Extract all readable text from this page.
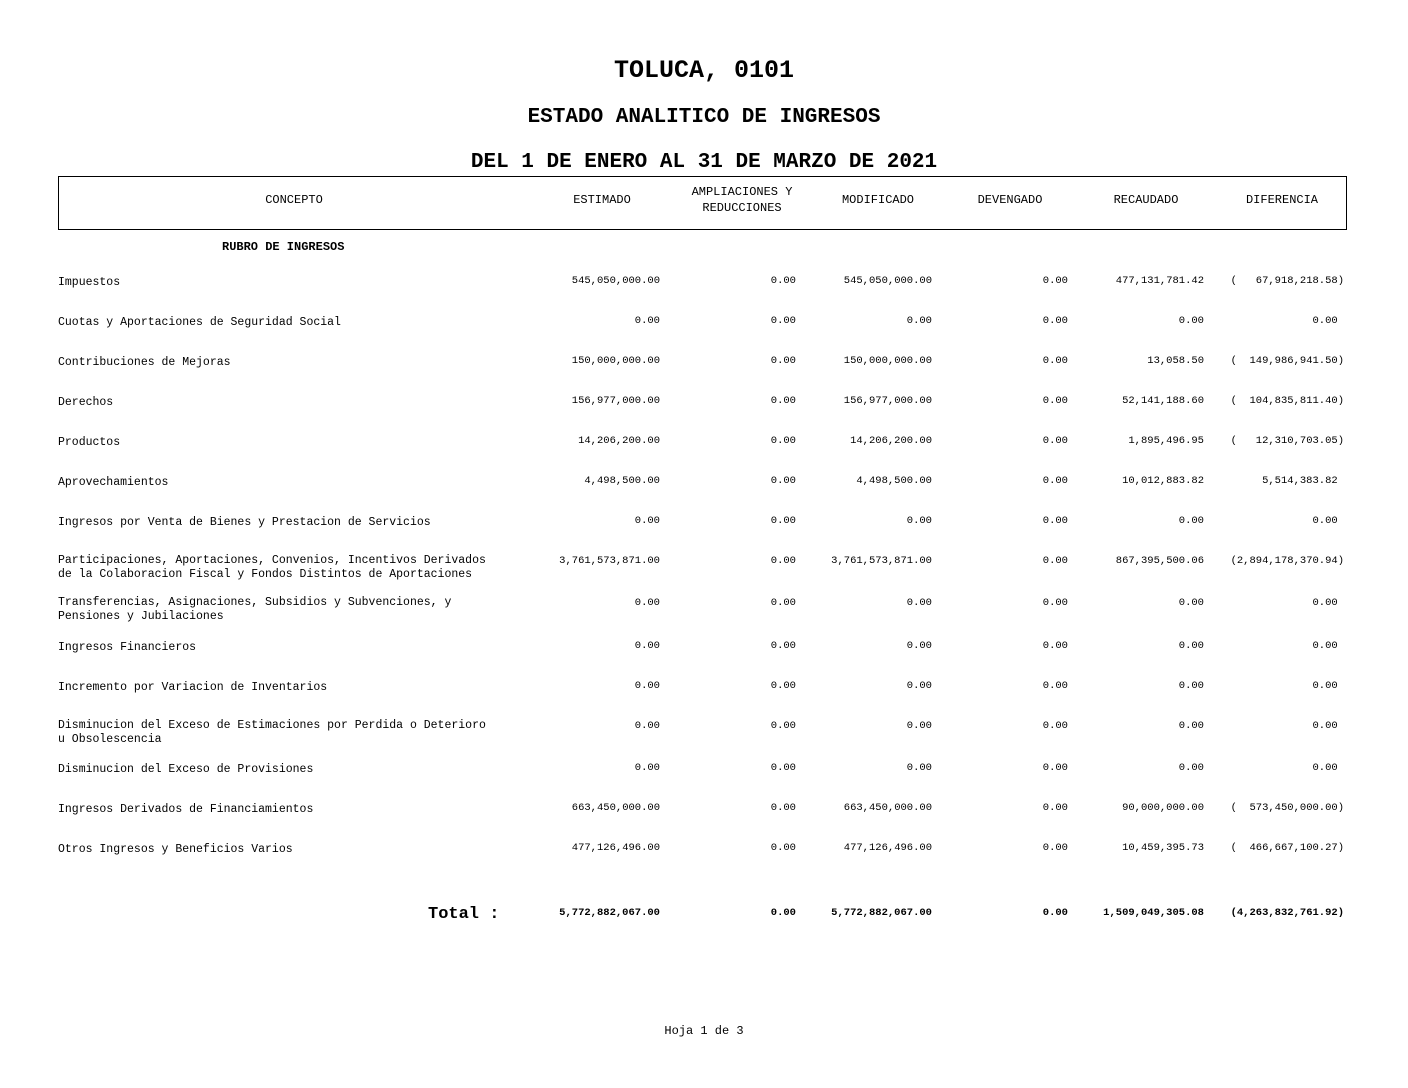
TOLUCA, 0101
ESTADO ANALITICO DE INGRESOS
DEL 1 DE ENERO AL 31 DE MARZO DE 2021
CONCEPTO	ESTIMADO
AMPLIACIONES Y
REDUCCIONES
MODIFICADO	DEVENGADO	RECAUDADO	DIFERENCIA
RUBRO DE INGRESOS
Impuestos	545,050,000.00	0.00	545,050,000.00	0.00	477,131,781.42	(   67,918,218.58)
Cuotas y Aportaciones de Seguridad Social	0.00	0.00	0.00	0.00	0.00	0.00
Contribuciones de Mejoras	150,000,000.00	0.00	150,000,000.00	0.00	13,058.50	(  149,986,941.50)
Derechos	156,977,000.00	0.00	156,977,000.00	0.00	52,141,188.60	(  104,835,811.40)
Productos	14,206,200.00	0.00	14,206,200.00	0.00	1,895,496.95	(   12,310,703.05)
Aprovechamientos	4,498,500.00	0.00	4,498,500.00	0.00	10,012,883.82	5,514,383.82
Ingresos por Venta de Bienes y Prestacion de Servicios	0.00	0.00	0.00	0.00	0.00	0.00
Participaciones, Aportaciones, Convenios, Incentivos Derivados
de la Colaboracion Fiscal y Fondos Distintos de Aportaciones
3,761,573,871.00	0.00	3,761,573,871.00	0.00	867,395,500.06	(2,894,178,370.94)
Transferencias, Asignaciones, Subsidios y Subvenciones, y
Pensiones y Jubilaciones
0.00	0.00	0.00	0.00	0.00	0.00
Ingresos Financieros	0.00	0.00	0.00	0.00	0.00	0.00
Incremento por Variacion de Inventarios	0.00	0.00	0.00	0.00	0.00	0.00
Disminucion del Exceso de Estimaciones por Perdida o Deterioro
u Obsolescencia
0.00	0.00	0.00	0.00	0.00	0.00
Disminucion del Exceso de Provisiones	0.00	0.00	0.00	0.00	0.00	0.00
Ingresos Derivados de Financiamientos	663,450,000.00	0.00	663,450,000.00	0.00	90,000,000.00	(  573,450,000.00)
Otros Ingresos y Beneficios Varios	477,126,496.00	0.00	477,126,496.00	0.00	10,459,395.73	(  466,667,100.27)
Total :	5,772,882,067.00	0.00	5,772,882,067.00	0.00	1,509,049,305.08	(4,263,832,761.92)
Hoja 1 de 3
